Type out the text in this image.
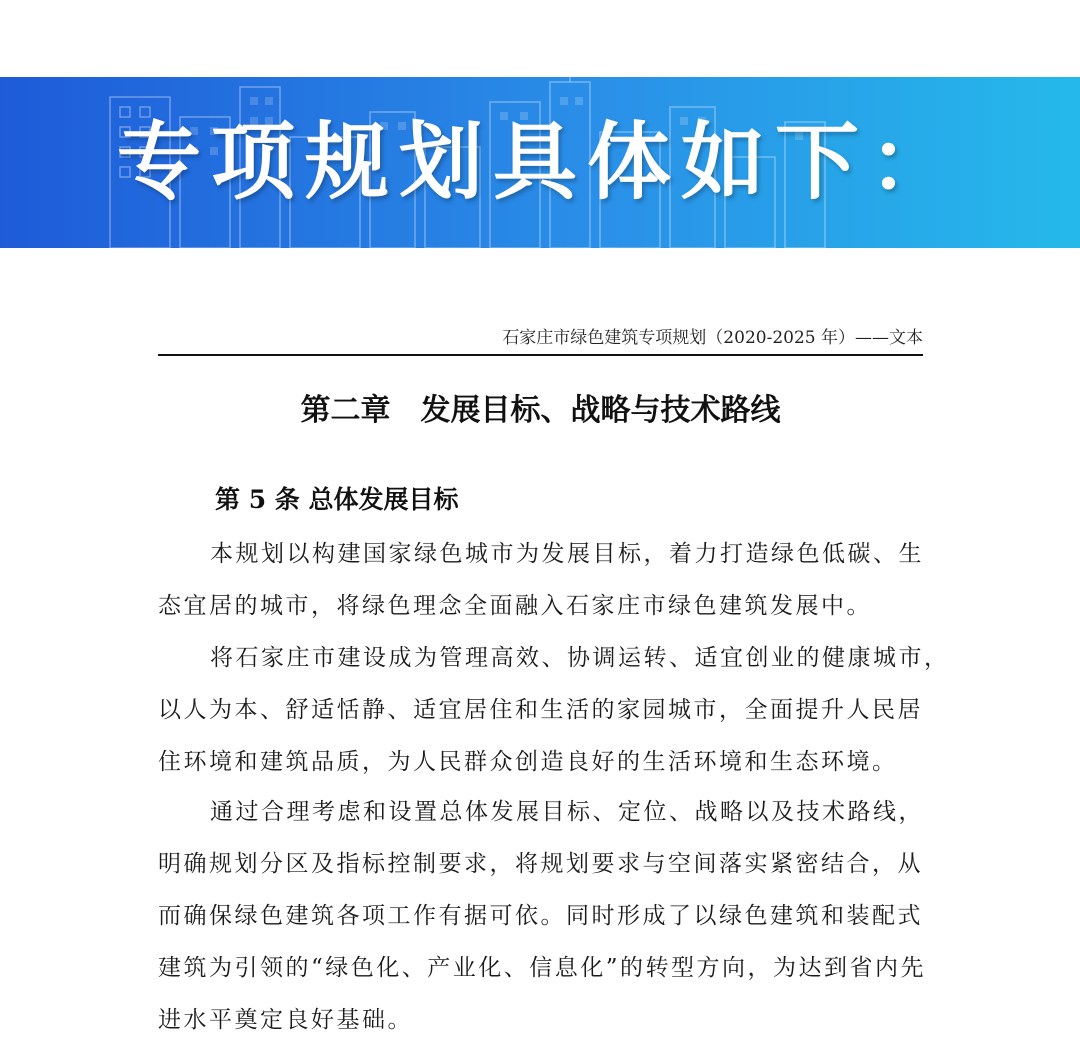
专项规划具体如下：
石家庄市绿色建筑专项规划（2020-2025 年）——文本
第二章 发展目标、战略与技术路线
第 5 条 总体发展目标

本规划以构建国家绿色城市为发展目标，着力打造绿色低碳、生
态宜居的城市，将绿色理念全面融入石家庄市绿色建筑发展中。

将石家庄市建设成为管理高效、协调运转、适宜创业的健康城市，
以人为本、舒适恬静、适宜居住和生活的家园城市，全面提升人民居
住环境和建筑品质，为人民群众创造良好的生活环境和生态环境。

通过合理考虑和设置总体发展目标、定位、战略以及技术路线，
明确规划分区及指标控制要求，将规划要求与空间落实紧密结合，从
而确保绿色建筑各项工作有据可依。同时形成了以绿色建筑和装配式
建筑为引领的“绿色化、产业化、信息化”的转型方向，为达到省内先
进水平奠定良好基础。
